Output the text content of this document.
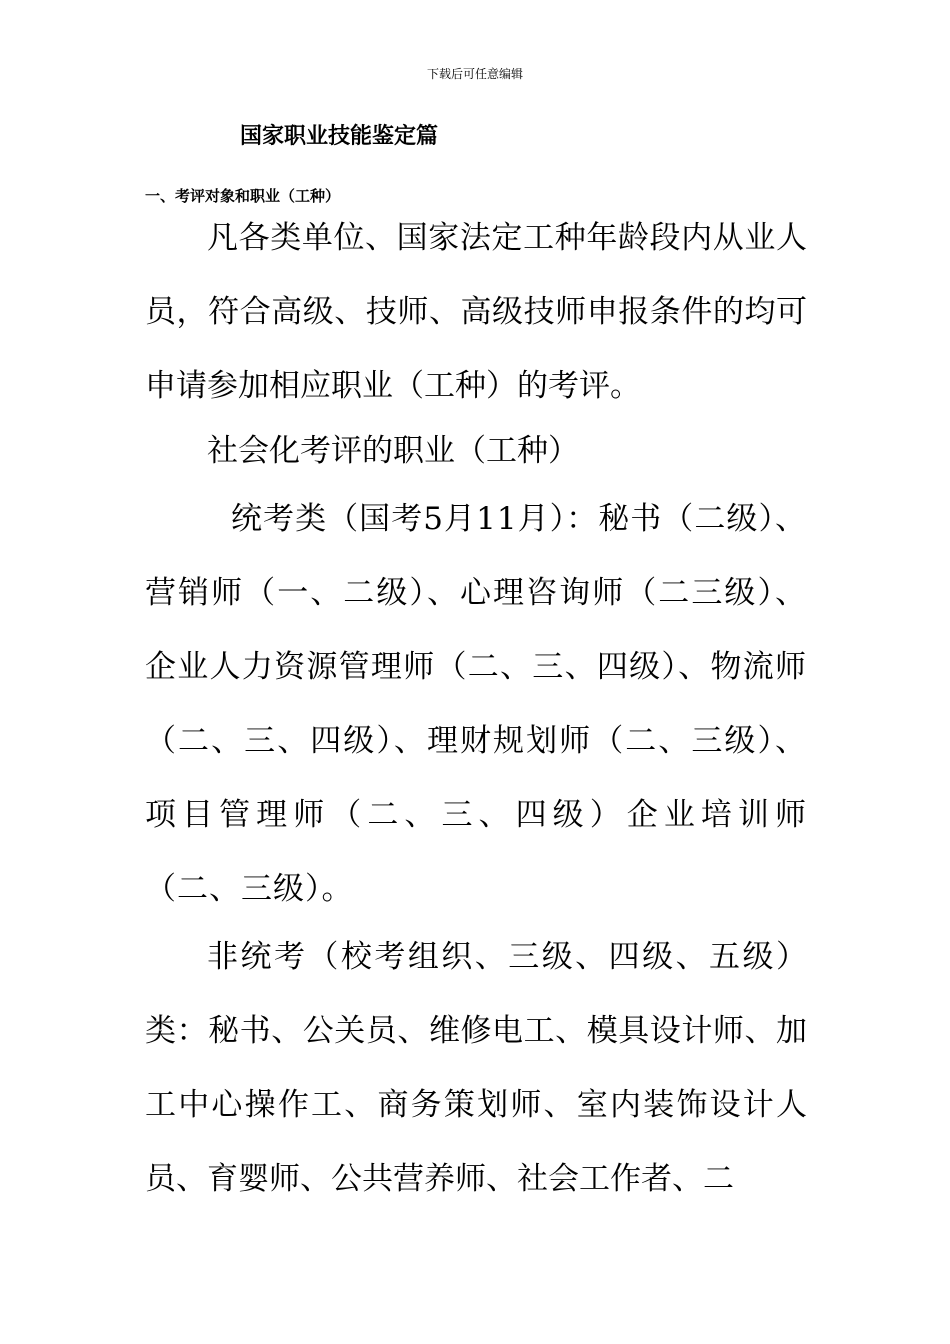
下载后可任意编辑
国家职业技能鉴定篇
一、考评对象和职业（工种）

凡各类单位、国家法定工种年龄段内从业人员，符合高级、技师、高级技师申报条件的均可申请参加相应职业（工种）的考评。

社会化考评的职业（工种）

统考类（国考5月11月）：秘书（二级）、营销师（一、二级）、心理咨询师（二三级）、企业人力资源管理师（二、三、四级）、物流师（二、三、四级）、理财规划师（二、三级）、项目管理师（二、三、四级）企业培训师（二、三级）。

非统考（校考组织、三级、四级、五级）类：秘书、公关员、维修电工、模具设计师、加工中心操作工、商务策划师、室内装饰设计人员、育婴师、公共营养师、社会工作者、二
